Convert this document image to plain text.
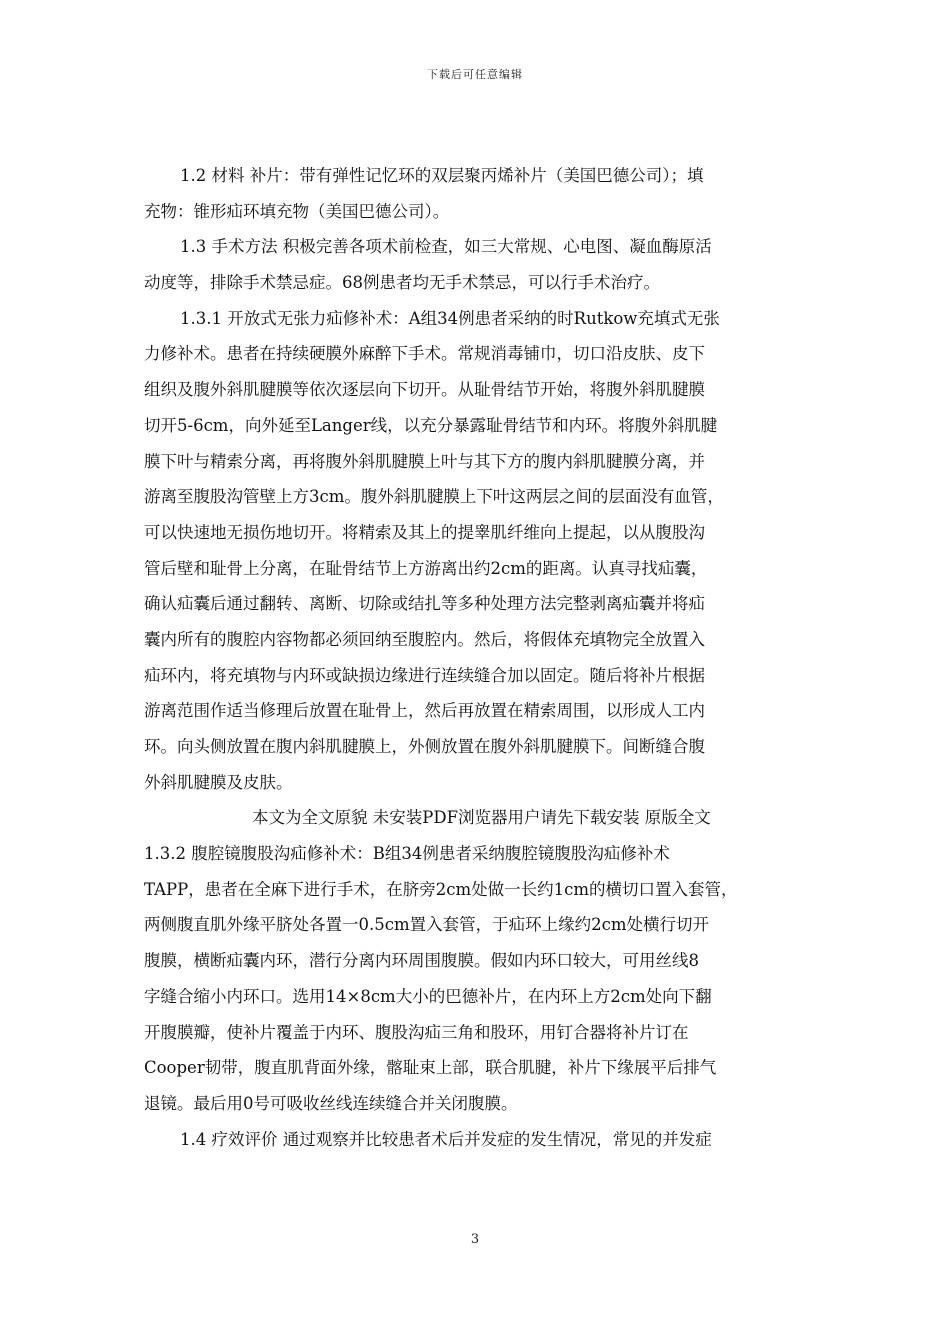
下载后可任意编辑
1.2 材料 补片：带有弹性记忆环的双层聚丙烯补片（美国巴德公司）；填
充物：锥形疝环填充物（美国巴德公司）。
1.3 手术方法 积极完善各项术前检查，如三大常规、心电图、凝血酶原活
动度等，排除手术禁忌症。68例患者均无手术禁忌，可以行手术治疗。
1.3.1 开放式无张力疝修补术：A组34例患者采纳的时Rutkow充填式无张
力修补术。患者在持续硬膜外麻醉下手术。常规消毒铺巾，切口沿皮肤、皮下
组织及腹外斜肌腱膜等依次逐层向下切开。从耻骨结节开始，将腹外斜肌腱膜
切开5-6cm，向外延至Langer线，以充分暴露耻骨结节和内环。将腹外斜肌腱
膜下叶与精索分离，再将腹外斜肌腱膜上叶与其下方的腹内斜肌腱膜分离，并
游离至腹股沟管壁上方3cm。腹外斜肌腱膜上下叶这两层之间的层面没有血管，
可以快速地无损伤地切开。将精索及其上的提睾肌纤维向上提起，以从腹股沟
管后壁和耻骨上分离，在耻骨结节上方游离出约2cm的距离。认真寻找疝囊，
确认疝囊后通过翻转、离断、切除或结扎等多种处理方法完整剥离疝囊并将疝
囊内所有的腹腔内容物都必须回纳至腹腔内。然后，将假体充填物完全放置入
疝环内，将充填物与内环或缺损边缘进行连续缝合加以固定。随后将补片根据
游离范围作适当修理后放置在耻骨上，然后再放置在精索周围，以形成人工内
环。向头侧放置在腹内斜肌腱膜上，外侧放置在腹外斜肌腱膜下。间断缝合腹
外斜肌腱膜及皮肤。
本文为全文原貌 未安装PDF浏览器用户请先下载安装 原版全文
1.3.2 腹腔镜腹股沟疝修补术：B组34例患者采纳腹腔镜腹股沟疝修补术
TAPP，患者在全麻下进行手术，在脐旁2cm处做一长约1cm的横切口置入套管，
两侧腹直肌外缘平脐处各置一0.5cm置入套管，于疝环上缘约2cm处横行切开
腹膜，横断疝囊内环，潜行分离内环周围腹膜。假如内环口较大，可用丝线8
字缝合缩小内环口。选用14×8cm大小的巴德补片，在内环上方2cm处向下翻
开腹膜瓣，使补片覆盖于内环、腹股沟疝三角和股环，用钉合器将补片订在
Cooper韧带，腹直肌背面外缘，髂耻束上部，联合肌腱，补片下缘展平后排气
退镜。最后用0号可吸收丝线连续缝合并关闭腹膜。
1.4 疗效评价 通过观察并比较患者术后并发症的发生情况，常见的并发症
3
